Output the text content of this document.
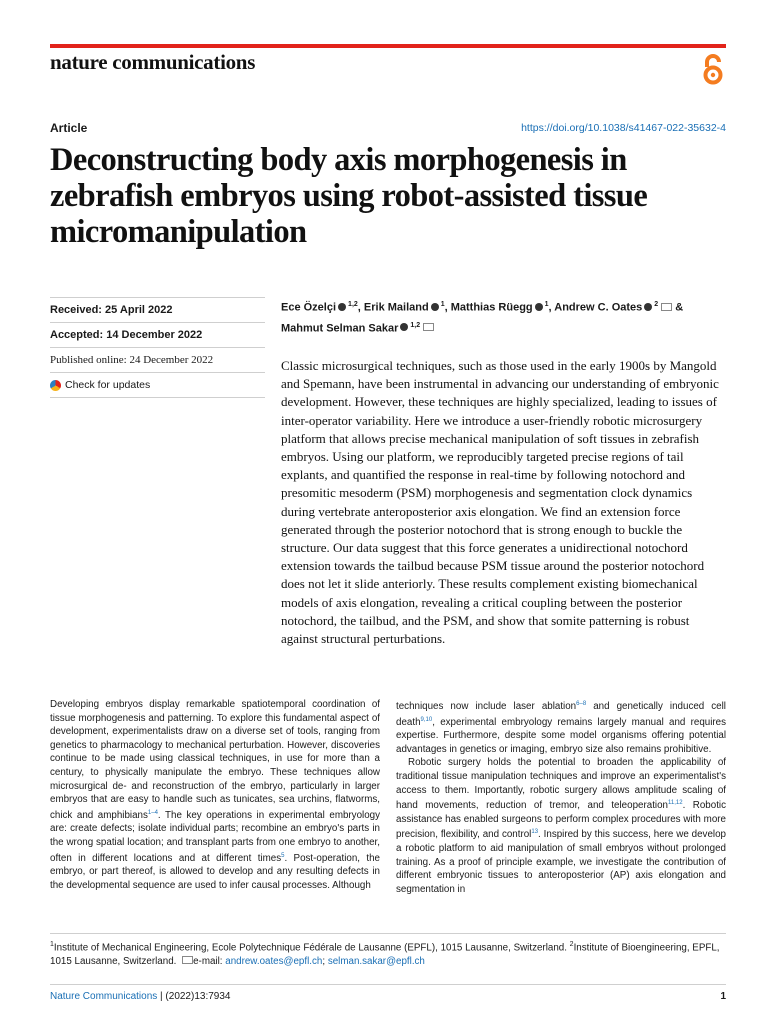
nature communications
Article	https://doi.org/10.1038/s41467-022-35632-4
Deconstructing body axis morphogenesis in zebrafish embryos using robot-assisted tissue micromanipulation
Received: 25 April 2022
Accepted: 14 December 2022
Published online: 24 December 2022
Check for updates
Ece Özelçi $^{1,2}$, Erik Mailand $^1$, Matthias Rüegg $^1$, Andrew C. Oates $^2$ & Mahmut Selman Sakar $^{1,2}$

Classic microsurgical techniques, such as those used in the early 1900s by Mangold and Spemann, have been instrumental in advancing our understanding of embryonic development. However, these techniques are highly specialized, leading to issues of inter-operator variability. Here we introduce a user-friendly robotic microsurgery platform that allows precise mechanical manipulation of soft tissues in zebrafish embryos. Using our platform, we reproducibly targeted precise regions of tail explants, and quantified the response in real-time by following notochord and presomitic mesoderm (PSM) morphogenesis and segmentation clock dynamics during vertebrate anteroposterior axis elongation. We find an extension force generated through the posterior notochord that is strong enough to buckle the structure. Our data suggest that this force generates a unidirectional notochord extension towards the tailbud because PSM tissue around the posterior notochord does not let it slide anteriorly. These results complement existing biomechanical models of axis elongation, revealing a critical coupling between the posterior notochord, the tailbud, and the PSM, and show that somite patterning is robust against structural perturbations.

Developing embryos display remarkable spatiotemporal coordination of tissue morphogenesis and patterning. To explore this fundamental aspect of development, experimentalists draw on a diverse set of tools, ranging from genetics to pharmacology to mechanical perturbation. However, discoveries continue to be made using classical techniques, in use for more than a century, to physically manipulate the embryo. These techniques allow microsurgical de- and reconstruction of the embryo, particularly in larger embryos that are easy to handle such as tunicates, sea urchins, flatworms, chick and amphibians$^{1-4}$. The key operations in experimental embryology are: create defects; isolate individual parts; recombine an embryo's parts in the wrong spatial location; and transplant parts from one embryo to another, often in different locations and at different times$^5$. Post-operation, the embryo, or part thereof, is allowed to develop and any resulting defects in the developmental sequence are used to infer causal processes. Although

techniques now include laser ablation$^{6-8}$ and genetically induced cell death$^{9,10}$, experimental embryology remains largely manual and requires expertise. Furthermore, despite some model organisms offering potential advantages in genetics or imaging, embryo size also remains prohibitive.

Robotic surgery holds the potential to broaden the applicability of traditional tissue manipulation techniques and improve an experimentalist's access to them. Importantly, robotic surgery allows amplitude scaling of hand movements, reduction of tremor, and teleoperation$^{11,12}$. Robotic assistance has enabled surgeons to perform complex procedures with more precision, flexibility, and control$^{13}$. Inspired by this success, here we develop a robotic platform to aid manipulation of small embryos without prolonged training. As a proof of principle example, we investigate the contribution of different embryonic tissues to anteroposterior (AP) axis elongation and segmentation in

$^1$Institute of Mechanical Engineering, Ecole Polytechnique Fédérale de Lausanne (EPFL), 1015 Lausanne, Switzerland. $^2$Institute of Bioengineering, EPFL, 1015 Lausanne, Switzerland. e-mail: andrew.oates@epfl.ch; selman.sakar@epfl.ch
Nature Communications | (2022)13:7934	1
